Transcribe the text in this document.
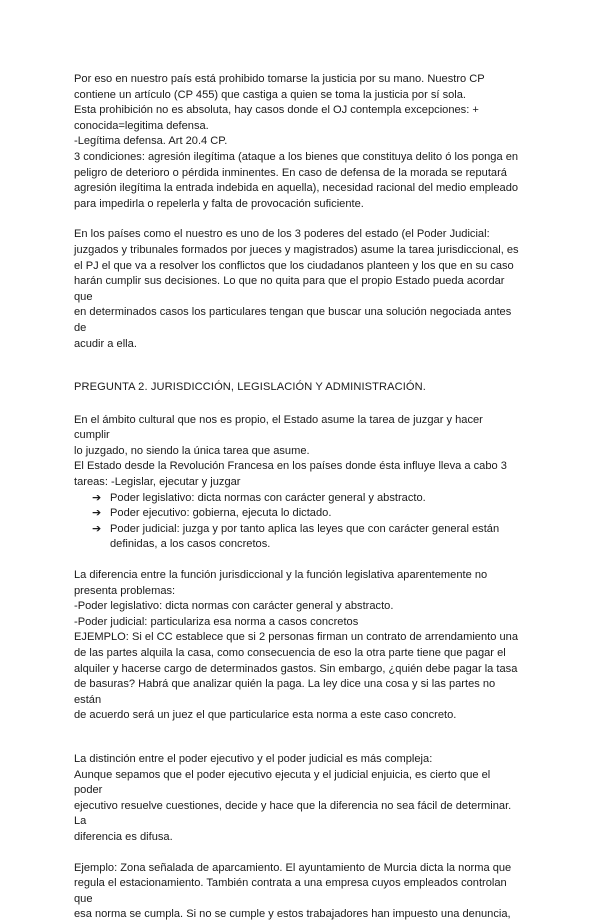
Por eso en nuestro país está prohibido tomarse la justicia por su mano. Nuestro CP
contiene un artículo (CP 455) que castiga a quien se toma la justicia por sí sola.
Esta prohibición no es absoluta, hay casos donde el OJ contempla excepciones: +
conocida=legitima defensa.
-Legítima defensa. Art 20.4 CP.
3 condiciones: agresión ilegítima (ataque a los bienes que constituya delito ó los ponga en
peligro de deterioro o pérdida inminentes. En caso de defensa de la morada se reputará
agresión ilegítima la entrada indebida en aquella), necesidad racional del medio empleado
para impedirla o repelerla y falta de provocación suficiente.
En los países como el nuestro es uno de los 3 poderes del estado (el Poder Judicial:
juzgados y tribunales formados por jueces y magistrados) asume la tarea jurisdiccional, es
el PJ el que va a resolver los conflictos que los ciudadanos planteen y los que en su caso
harán cumplir sus decisiones. Lo que no quita para que el propio Estado pueda acordar que
en determinados casos los particulares tengan que buscar una solución negociada antes de
acudir a ella.
PREGUNTA 2. JURISDICCIÓN, LEGISLACIÓN Y ADMINISTRACIÓN.
En el ámbito cultural que nos es propio, el Estado asume la tarea de juzgar y hacer cumplir
lo juzgado, no siendo la única tarea que asume.
El Estado desde la Revolución Francesa en los países donde ésta influye lleva a cabo 3
tareas: -Legislar, ejecutar y juzgar
➔ Poder legislativo: dicta normas con carácter general y abstracto.
➔ Poder ejecutivo: gobierna, ejecuta lo dictado.
➔ Poder judicial: juzga y por tanto aplica las leyes que con carácter general están
definidas, a los casos concretos.
La diferencia entre la función jurisdiccional y la función legislativa aparentemente no
presenta problemas:
-Poder legislativo: dicta normas con carácter general y abstracto.
-Poder judicial: particulariza esa norma a casos concretos
EJEMPLO: Si el CC establece que si 2 personas firman un contrato de arrendamiento una
de las partes alquila la casa, como consecuencia de eso la otra parte tiene que pagar el
alquiler y hacerse cargo de determinados gastos. Sin embargo, ¿quién debe pagar la tasa
de basuras? Habrá que analizar quién la paga. La ley dice una cosa y si las partes no están
de acuerdo será un juez el que particularice esta norma a este caso concreto.
La distinción entre el poder ejecutivo y el poder judicial es más compleja:
Aunque sepamos que el poder ejecutivo ejecuta y el judicial enjuicia, es cierto que el poder
ejecutivo resuelve cuestiones, decide y hace que la diferencia no sea fácil de determinar. La
diferencia es difusa.
Ejemplo: Zona señalada de aparcamiento. El ayuntamiento de Murcia dicta la norma que
regula el estacionamiento. También contrata a una empresa cuyos empleados controlan que
esa norma se cumpla. Si no se cumple y estos trabajadores han impuesto una denuncia,
